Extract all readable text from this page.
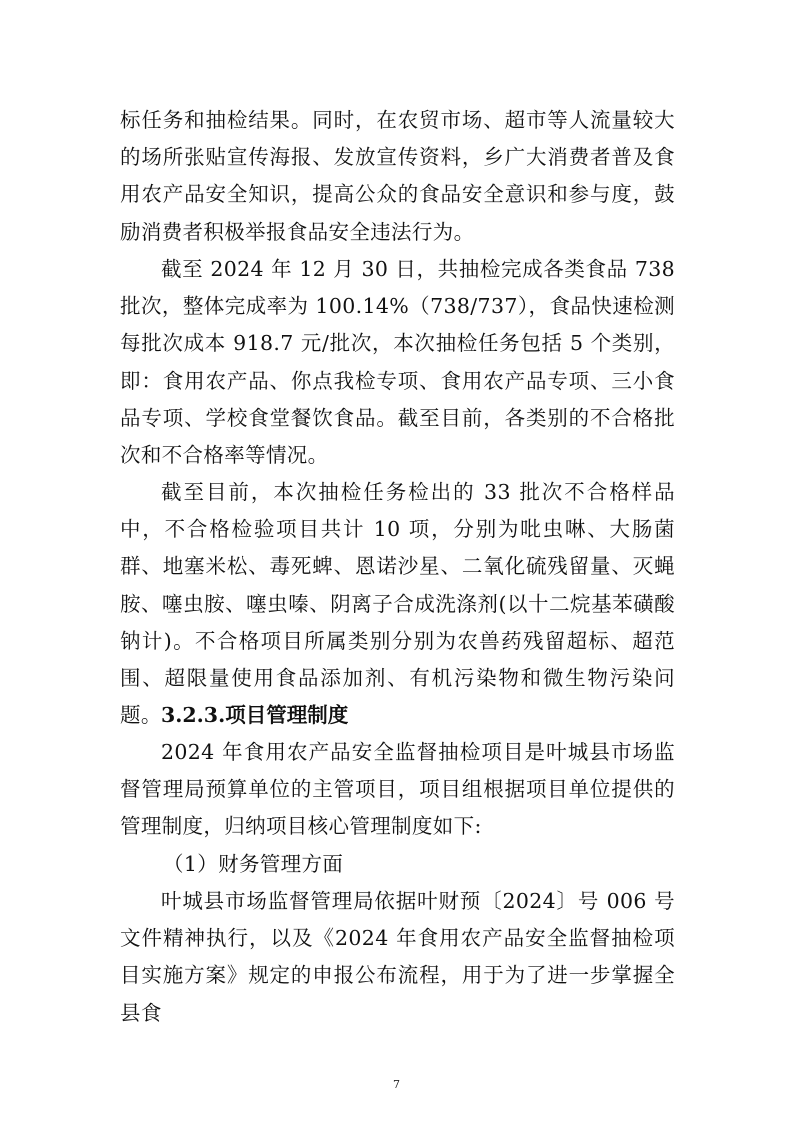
标任务和抽检结果。同时，在农贸市场、超市等人流量较大的场所张贴宣传海报、发放宣传资料，乡广大消费者普及食用农产品安全知识，提高公众的食品安全意识和参与度，鼓励消费者积极举报食品安全违法行为。

截至 2024 年 12 月 30 日，共抽检完成各类食品 738 批次，整体完成率为 100.14%（738/737），食品快速检测每批次成本 918.7 元/批次，本次抽检任务包括 5 个类别，即：食用农产品、你点我检专项、食用农产品专项、三小食品专项、学校食堂餐饮食品。截至目前，各类别的不合格批次和不合格率等情况。

截至目前，本次抽检任务检出的 33 批次不合格样品中，不合格检验项目共计 10 项，分别为吡虫啉、大肠菌群、地塞米松、毒死蜱、恩诺沙星、二氧化硫残留量、灭蝇胺、噻虫胺、噻虫嗪、阴离子合成洗涤剂(以十二烷基苯磺酸钠计)。不合格项目所属类别分别为农兽药残留超标、超范围、超限量使用食品添加剂、有机污染物和微生物污染问题。 3.2.3.项目管理制度

2024 年食用农产品安全监督抽检项目是叶城县市场监督管理局预算单位的主管项目，项目组根据项目单位提供的管理制度，归纳项目核心管理制度如下:

（1）财务管理方面

叶城县市场监督管理局依据叶财预〔2024〕号 006 号文件精神执行，以及《2024 年食用农产品安全监督抽检项目实施方案》规定的申报公布流程，用于为了进一步掌握全县食

7
